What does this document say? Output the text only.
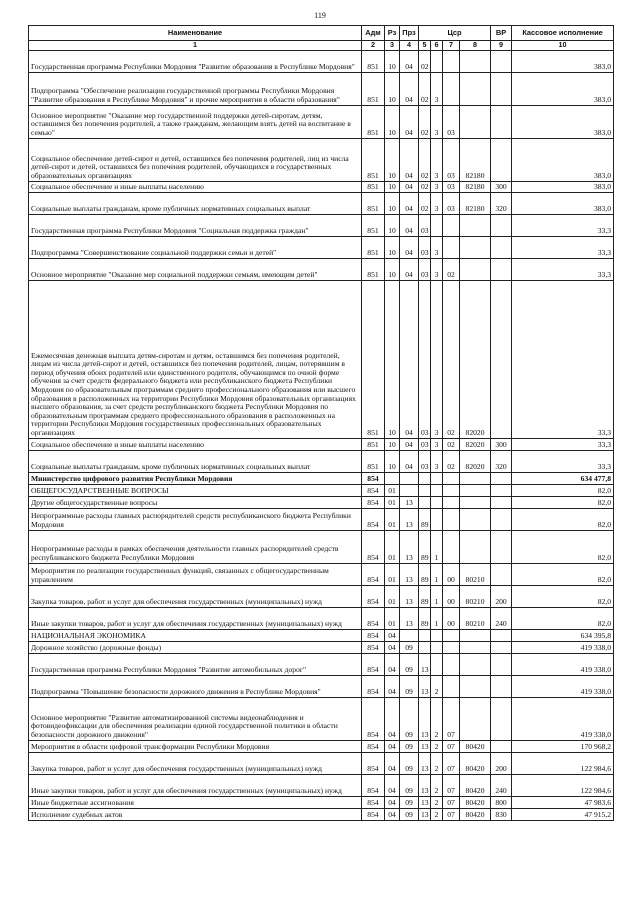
119
Наименование	Адм	Рз	Прз	Цср				ВР	Кассовое исполнение
1	2	3	4	5	6	7	8	9	10
Государственная программа Республики Мордовия "Развитие образования в Республике Мордовия"	851	10	04	02					383,0
Подпрограмма "Обеспечение реализации государственной программы Республики Мордовия "Развитие образования в Республике Мордовия" и прочие мероприятия в области образования"	851	10	04	02	3				383,0
Основное мероприятие "Оказание мер государственной поддержки детей-сиротам, детям, оставшимся без попечения родителей, а также гражданам, желающим взять детей на воспитание в семью"	851	10	04	02	3	03			383,0
Социальное обеспечение детей-сирот и детей, оставшихся без попечения родителей, лиц из числа детей-сирот и детей, оставшихся без попечения родителей, обучающихся в государственных образовательных организациях	851	10	04	02	3	03	82180		383,0
Социальное обеспечение и иные выплаты населению	851	10	04	02	3	03	82180	300	383,0
Социальные выплаты гражданам, кроме публичных нормативных социальных выплат	851	10	04	02	3	03	82180	320	383,0
Государственная программа Республики Мордовия "Социальная поддержка граждан"	851	10	04	03					33,3
Подпрограмма "Совершенствование социальной поддержки семьи и детей"	851	10	04	03	3				33,3
Основное мероприятие "Оказание мер социальной поддержки семьям, имеющим детей"	851	10	04	03	3	02			33,3
Ежемесячная денежная выплата детям-сиротам и детям, оставшимся без попечения родителей, лицам из числа детей-сирот и детей, оставшихся без попечения родителей, лицам, потерявшим в период обучения обоих родителей или единственного родителя, обучающимся по очной форме обучения за счет средств федерального бюджета или республиканского бюджета Республики Мордовия по образовательным программам среднего профессионального образования или высшего образования в расположенных на территории Республики Мордовия образовательных организациях высшего образования, за счет средств республиканского бюджета Республики Мордовия по образовательным программам среднего профессионального образования в расположенных на территории Республики Мордовия государственных профессиональных образовательных организациях	851	10	04	03	3	02	82020		33,3
Социальное обеспечение и иные выплаты населению	851	10	04	03	3	02	82020	300	33,3
Социальные выплаты гражданам, кроме публичных нормативных социальных выплат	851	10	04	03	3	02	82020	320	33,3
Министерство цифрового развития Республики Мордовия	854								634 477,8
ОБЩЕГОСУДАРСТВЕННЫЕ ВОПРОСЫ	854	01							82,0
Другие общегосударственные вопросы	854	01	13						82,0
Непрограммные расходы главных распорядителей средств республиканского бюджета Республики Мордовия	854	01	13	89					82,0
Непрограммные расходы в рамках обеспечения деятельности главных распорядителей средств республиканского бюджета Республики Мордовия	854	01	13	89	1				82,0
Мероприятия по реализации государственных функций, связанных с общегосударственным управлением	854	01	13	89	1	00	80210		82,0
Закупка товаров, работ и услуг для обеспечения государственных (муниципальных) нужд	854	01	13	89	1	00	80210	200	82,0
Иные закупки товаров, работ и услуг для обеспечения государственных (муниципальных) нужд	854	01	13	89	1	00	80210	240	82,0
НАЦИОНАЛЬНАЯ ЭКОНОМИКА	854	04							634 395,8
Дорожное хозяйство (дорожные фонды)	854	04	09						419 338,0
Государственная программа Республики Мордовия "Развитие автомобильных дорог"	854	04	09	13					419 338,0
Подпрограмма "Повышение безопасности дорожного движения в Республике Мордовия"	854	04	09	13	2				419 338,0
Основное мероприятие "Развитие автоматизированной системы видеонаблюдения и фотовидеофиксации для обеспечения реализации единой государственной политики в области безопасности дорожного движения"	854	04	09	13	2	07			419 338,0
Мероприятия в области цифровой трансформации Республики Мордовия	854	04	09	13	2	07	80420		170 968,2
Закупка товаров, работ и услуг для обеспечения государственных (муниципальных) нужд	854	04	09	13	2	07	80420	200	122 984,6
Иные закупки товаров, работ и услуг для обеспечения государственных (муниципальных) нужд	854	04	09	13	2	07	80420	240	122 984,6
Иные бюджетные ассигнования	854	04	09	13	2	07	80420	800	47 983,6
Исполнение судебных актов	854	04	09	13	2	07	80420	830	47 915,2
